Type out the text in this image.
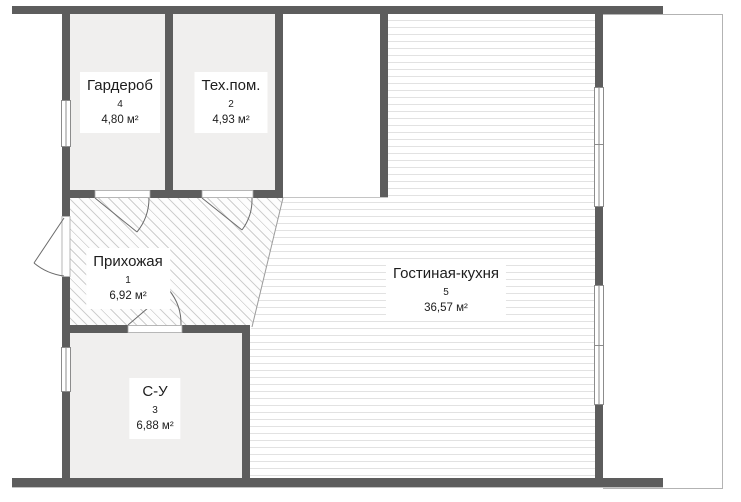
Гардероб
4
4,80 м²
Тех.пом.
2
4,93 м²
Прихожая
1
6,92 м²
С-У
3
6,88 м²
Гостиная-кухня
5
36,57 м²
